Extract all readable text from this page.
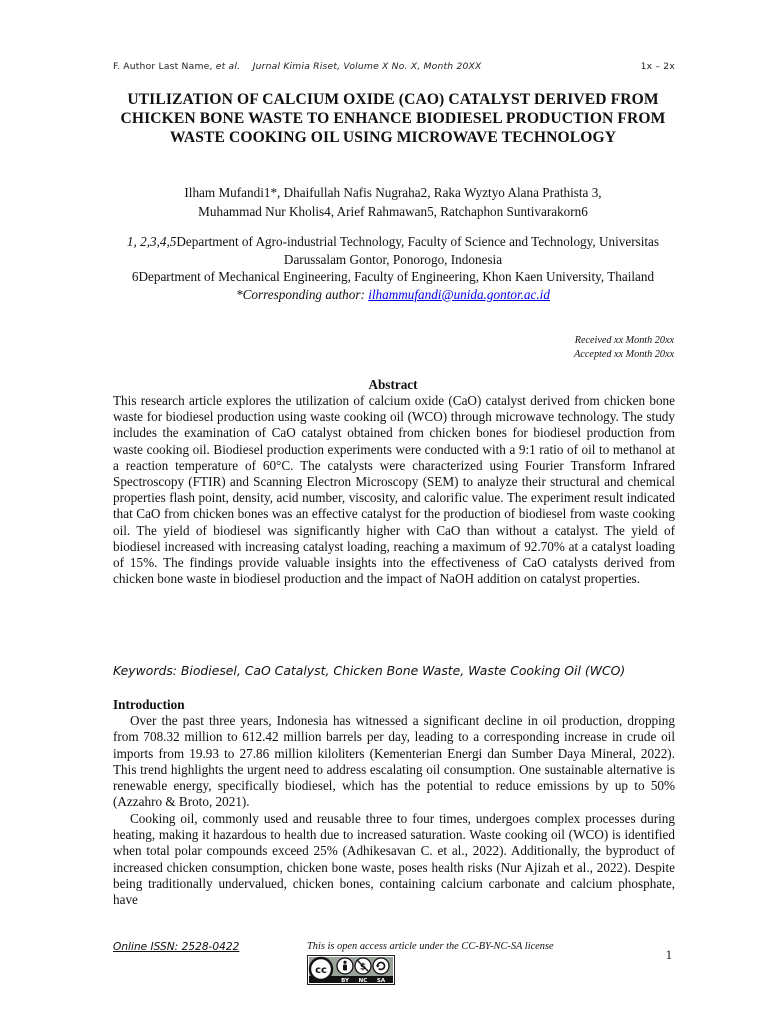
F. Author Last Name, et al. Jurnal Kimia Riset, Volume X No. X, Month 20XX	1x – 2x
UTILIZATION OF CALCIUM OXIDE (CAO) CATALYST DERIVED FROM CHICKEN BONE WASTE TO ENHANCE BIODIESEL PRODUCTION FROM WASTE COOKING OIL USING MICROWAVE TECHNOLOGY
Ilham Mufandi1*, Dhaifullah Nafis Nugraha2, Raka Wyztyo Alana Prathista 3,
Muhammad Nur Kholis4, Arief Rahmawan5, Ratchaphon Suntivarakorn6
1, 2,3,4,5Department of Agro-industrial Technology, Faculty of Science and Technology, Universitas Darussalam Gontor, Ponorogo, Indonesia
6Department of Mechanical Engineering, Faculty of Engineering, Khon Kaen University, Thailand
*Corresponding author: ilhammufandi@unida.gontor.ac.id
Received xx Month 20xx
Accepted xx Month 20xx
Abstract
This research article explores the utilization of calcium oxide (CaO) catalyst derived from chicken bone waste for biodiesel production using waste cooking oil (WCO) through microwave technology. The study includes the examination of CaO catalyst obtained from chicken bones for biodiesel production from waste cooking oil. Biodiesel production experiments were conducted with a 9:1 ratio of oil to methanol at a reaction temperature of 60°C. The catalysts were characterized using Fourier Transform Infrared Spectroscopy (FTIR) and Scanning Electron Microscopy (SEM) to analyze their structural and chemical properties flash point, density, acid number, viscosity, and calorific value. The experiment result indicated that CaO from chicken bones was an effective catalyst for the production of biodiesel from waste cooking oil. The yield of biodiesel was significantly higher with CaO than without a catalyst. The yield of biodiesel increased with increasing catalyst loading, reaching a maximum of 92.70% at a catalyst loading of 15%. The findings provide valuable insights into the effectiveness of CaO catalysts derived from chicken bone waste in biodiesel production and the impact of NaOH addition on catalyst properties.
Keywords: Biodiesel, CaO Catalyst, Chicken Bone Waste, Waste Cooking Oil (WCO)
Introduction

Over the past three years, Indonesia has witnessed a significant decline in oil production, dropping from 708.32 million to 612.42 million barrels per day, leading to a corresponding increase in crude oil imports from 19.93 to 27.86 million kiloliters (Kementerian Energi dan Sumber Daya Mineral, 2022). This trend highlights the urgent need to address escalating oil consumption. One sustainable alternative is renewable energy, specifically biodiesel, which has the potential to reduce emissions by up to 50% (Azzahro & Broto, 2021).

Cooking oil, commonly used and reusable three to four times, undergoes complex processes during heating, making it hazardous to health due to increased saturation. Waste cooking oil (WCO) is identified when total polar compounds exceed 25% (Adhikesavan C. et al., 2022). Additionally, the byproduct of increased chicken consumption, chicken bone waste, poses health risks (Nur Ajizah et al., 2022). Despite being traditionally undervalued, chicken bones, containing calcium carbonate and calcium phosphate, have

Online ISSN: 2528-0422	This is open access article under the CC-BY-NC-SA license
1
cc	$
BY NC SA
